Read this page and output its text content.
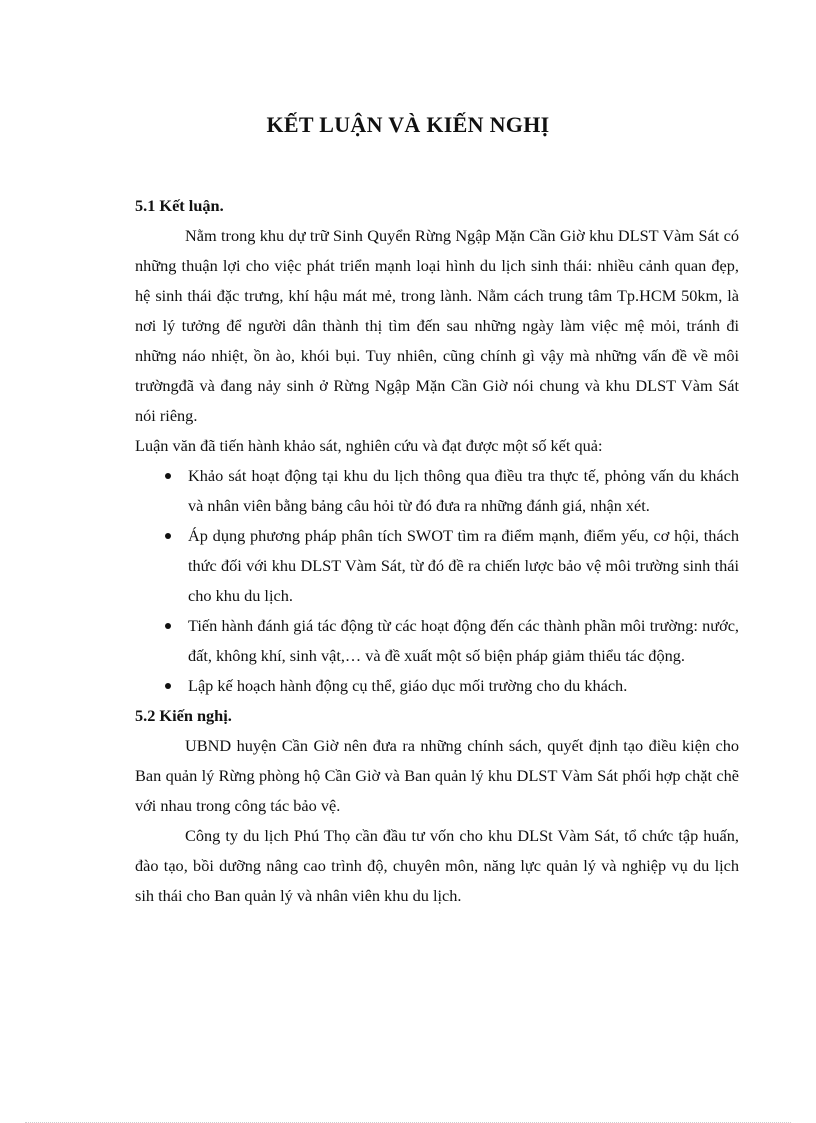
KẾT LUẬN VÀ KIẾN NGHỊ

5.1 Kết luận.

Nằm trong khu dự trữ Sinh Quyển Rừng Ngập Mặn Cần Giờ khu DLST Vàm Sát có những thuận lợi cho việc phát triển mạnh loại hình du lịch sinh thái: nhiều cảnh quan đẹp, hệ sinh thái đặc trưng, khí hậu mát mẻ, trong lành. Nằm cách trung tâm Tp.HCM 50km, là nơi lý tưởng để người dân thành thị tìm đến sau những ngày làm việc mệ mỏi, tránh đi những náo nhiệt, ồn ào, khói bụi. Tuy nhiên, cũng chính gì vậy mà những vấn đề về môi trườngđã và đang nảy sinh ở Rừng Ngập Mặn Cần Giờ nói chung và khu DLST Vàm Sát nói riêng.

Luận văn đã tiến hành khảo sát, nghiên cứu và đạt được một số kết quả:

Khảo sát hoạt động tại khu du lịch thông qua điều tra thực tế, phỏng vấn du khách và nhân viên bằng bảng câu hỏi từ đó đưa ra những đánh giá, nhận xét.
Áp dụng phương pháp phân tích SWOT tìm ra điểm mạnh, điểm yếu, cơ hội, thách thức đối với khu DLST Vàm Sát, từ đó đề ra chiến lược bảo vệ môi trường sinh thái cho khu du lịch.
Tiến hành đánh giá tác động từ các hoạt động đến các thành phần môi trường: nước, đất, không khí, sinh vật,… và đề xuất một số biện pháp giảm thiểu tác động.
Lập kế hoạch hành động cụ thể, giáo dục mối trường cho du khách.

5.2 Kiến nghị.

UBND huyện Cần Giờ nên đưa ra những chính sách, quyết định tạo điều kiện cho Ban quản lý Rừng phòng hộ Cần Giờ và Ban quản lý khu DLST Vàm Sát phối hợp chặt chẽ với nhau trong công tác bảo vệ.

Công ty du lịch Phú Thọ cần đầu tư vốn cho khu DLSt Vàm Sát, tổ chức tập huấn, đào tạo, bồi dưỡng nâng cao trình độ, chuyên môn, năng lực quản lý và nghiệp vụ du lịch sih thái cho Ban quản lý và nhân viên khu du lịch.
